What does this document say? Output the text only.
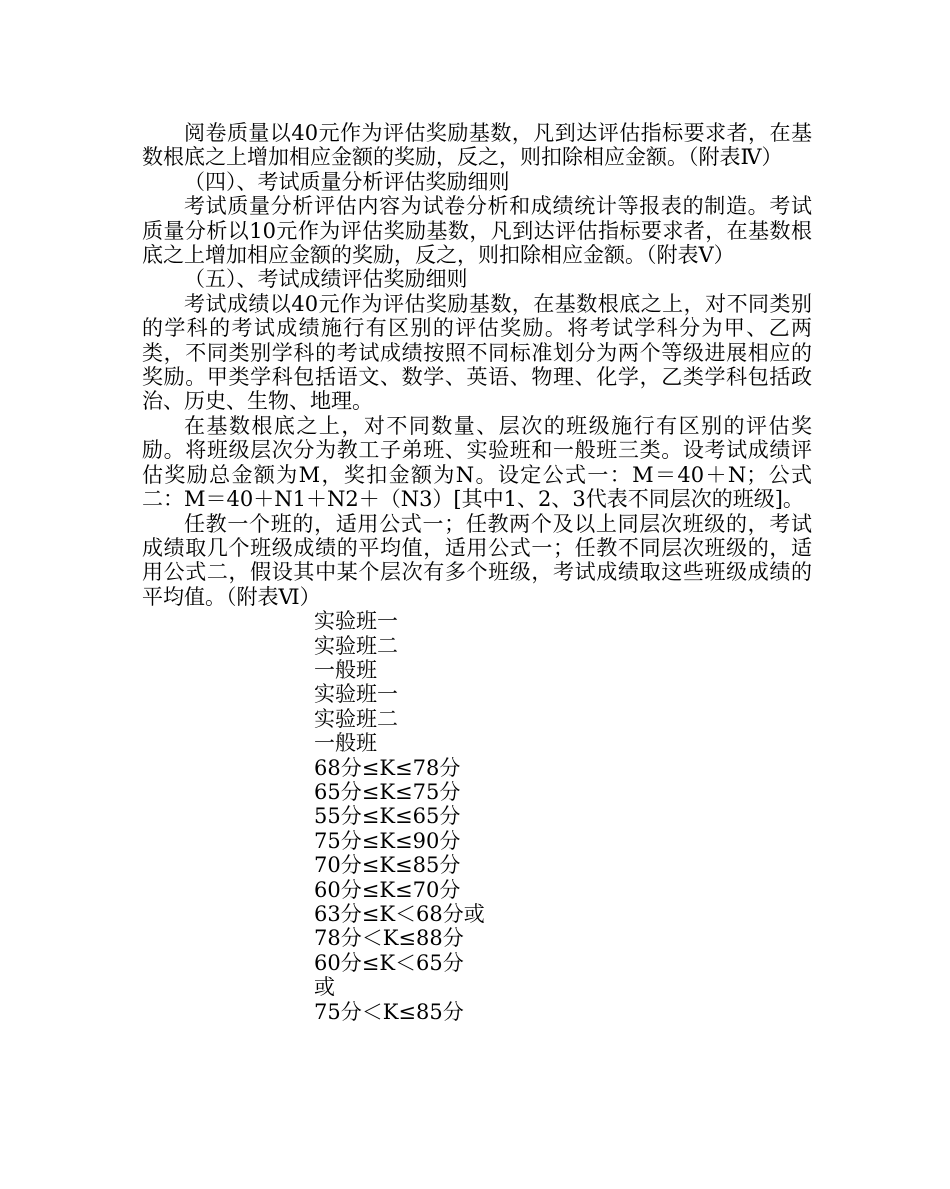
阅卷质量以40元作为评估奖励基数，凡到达评估指标要求者，在基数根底之上增加相应金额的奖励，反之，则扣除相应金额。（附表Ⅳ）

（四）、考试质量分析评估奖励细则

考试质量分析评估内容为试卷分析和成绩统计等报表的制造。考试质量分析以10元作为评估奖励基数，凡到达评估指标要求者，在基数根底之上增加相应金额的奖励，反之，则扣除相应金额。（附表Ⅴ）

（五）、考试成绩评估奖励细则

考试成绩以40元作为评估奖励基数，在基数根底之上，对不同类别的学科的考试成绩施行有区别的评估奖励。将考试学科分为甲、乙两类，不同类别学科的考试成绩按照不同标准划分为两个等级进展相应的奖励。甲类学科包括语文、数学、英语、物理、化学，乙类学科包括政治、历史、生物、地理。

在基数根底之上，对不同数量、层次的班级施行有区别的评估奖励。将班级层次分为教工子弟班、实验班和一般班三类。设考试成绩评估奖励总金额为M，奖扣金额为N。设定公式一：M＝40＋N；公式二：M＝40＋N1＋N2＋（N3）[其中1、2、3代表不同层次的班级]。

任教一个班的，适用公式一；任教两个及以上同层次班级的，考试成绩取几个班级成绩的平均值，适用公式一；任教不同层次班级的，适用公式二，假设其中某个层次有多个班级，考试成绩取这些班级成绩的平均值。（附表Ⅵ）

实验班一
实验班二
一般班
实验班一
实验班二
一般班
68分≤K≤78分
65分≤K≤75分
55分≤K≤65分
75分≤K≤90分
70分≤K≤85分
60分≤K≤70分
63分≤K＜68分或
78分＜K≤88分
60分≤K＜65分
或
75分＜K≤85分
